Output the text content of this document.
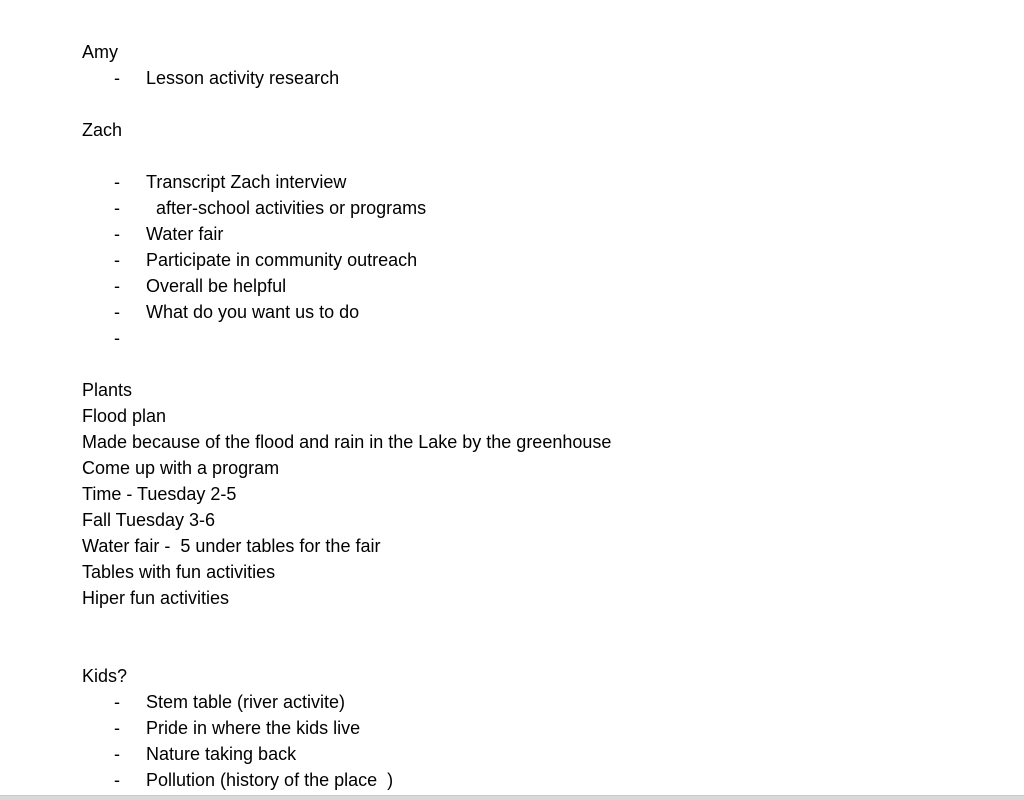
Amy

-

Lesson activity research

Zach

-

Transcript Zach interview

-

after-school activities or programs

-

Water fair

-

Participate in community outreach

-

Overall be helpful

-

What do you want us to do

-

Plants
Flood plan
Made because of the flood and rain in the Lake by the greenhouse
Come up with a program
Time - Tuesday 2-5
Fall Tuesday 3-6
Water fair -  5 under tables for the fair
Tables with fun activities
Hiper fun activities
Kids?

-

Stem table (river activite)

-

Pride in where the kids live

-

Nature taking back

-

Pollution (history of the place  )
